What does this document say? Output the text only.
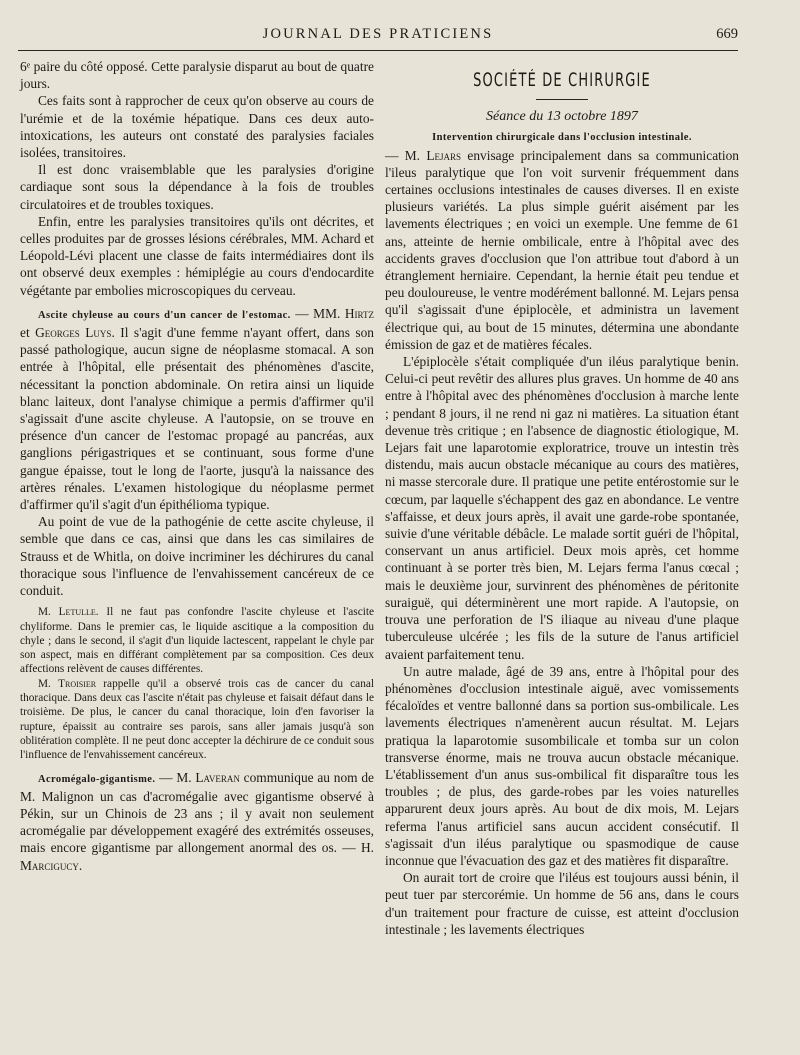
JOURNAL DES PRATICIENS	669

6ᵉ paire du côté opposé. Cette paralysie disparut au bout de quatre jours.

Ces faits sont à rapprocher de ceux qu'on observe au cours de l'urémie et de la toxémie hépatique. Dans ces deux auto-intoxications, les auteurs ont constaté des paralysies faciales isolées, transitoires.

Il est donc vraisemblable que les paralysies d'origine cardiaque sont sous la dépendance à la fois de troubles circulatoires et de troubles toxiques.

Enfin, entre les paralysies transitoires qu'ils ont décrites, et celles produites par de grosses lésions cérébrales, MM. Achard et Léopold-Lévi placent une classe de faits intermédiaires dont ils ont observé deux exemples : hémiplégie au cours d'endocardite végétante par embolies microscopiques du cerveau.

Ascite chyleuse au cours d'un cancer de l'estomac. — MM. Hirtz et Georges Luys. Il s'agit d'une femme n'ayant offert, dans son passé pathologique, aucun signe de néoplasme stomacal. A son entrée à l'hôpital, elle présentait des phénomènes d'ascite, nécessitant la ponction abdominale. On retira ainsi un liquide blanc laiteux, dont l'analyse chimique a permis d'affirmer qu'il s'agissait d'une ascite chyleuse. A l'autopsie, on se trouve en présence d'un cancer de l'estomac propagé au pancréas, aux ganglions périgastriques et se continuant, sous forme d'une gangue épaisse, tout le long de l'aorte, jusqu'à la naissance des artères rénales. L'examen histologique du néoplasme permet d'affirmer qu'il s'agit d'un épithélioma typique.

Au point de vue de la pathogénie de cette ascite chyleuse, il semble que dans ce cas, ainsi que dans les cas similaires de Strauss et de Whitla, on doive incriminer les déchirures du canal thoracique sous l'influence de l'envahissement cancéreux de ce conduit.

M. Letulle. Il ne faut pas confondre l'ascite chyleuse et l'ascite chyliforme. Dans le premier cas, le liquide ascitique a la composition du chyle ; dans le second, il s'agit d'un liquide lactescent, rappelant le chyle par son aspect, mais en différant complètement par sa composition. Ces deux affections relèvent de causes différentes.

M. Troisier rappelle qu'il a observé trois cas de cancer du canal thoracique. Dans deux cas l'ascite n'était pas chyleuse et faisait défaut dans le troisième. De plus, le cancer du canal thoracique, loin d'en favoriser la rupture, épaissit au contraire ses parois, sans aller jamais jusqu'à son oblitération complète. Il ne peut donc accepter la déchirure de ce conduit sous l'influence de l'envahissement cancéreux.

Acromégalo-gigantisme. — M. Laveran communique au nom de M. Malignon un cas d'acromégalie avec gigantisme observé à Pékin, sur un Chinois de 23 ans ; il y avait non seulement acromégalie par développement exagéré des extrémités osseuses, mais encore gigantisme par allongement anormal des os. — H. Marcigucy.

SOCIÉTÉ DE CHIRURGIE

Séance du 13 octobre 1897

Intervention chirurgicale dans l'occlusion intestinale.

— M. Lejars envisage principalement dans sa communication l'ileus paralytique que l'on voit survenir fréquemment dans certaines occlusions intestinales de causes diverses. Il en existe plusieurs variétés. La plus simple guérit aisément par les lavements électriques ; en voici un exemple. Une femme de 61 ans, atteinte de hernie ombilicale, entre à l'hôpital avec des accidents graves d'occlusion que l'on attribue tout d'abord à un étranglement herniaire. Cependant, la hernie était peu tendue et peu douloureuse, le ventre modérément ballonné. M. Lejars pensa qu'il s'agissait d'une épiplocèle, et administra un lavement électrique qui, au bout de 15 minutes, détermina une abondante émission de gaz et de matières fécales.

L'épiplocèle s'était compliquée d'un iléus paralytique benin. Celui-ci peut revêtir des allures plus graves. Un homme de 40 ans entre à l'hôpital avec des phénomènes d'occlusion à marche lente ; pendant 8 jours, il ne rend ni gaz ni matières. La situation étant devenue très critique ; en l'absence de diagnostic étiologique, M. Lejars fait une laparotomie exploratrice, trouve un intestin très distendu, mais aucun obstacle mécanique au cours des matières, ni masse stercorale dure. Il pratique une petite entérostomie sur le cœcum, par laquelle s'échappent des gaz en abondance. Le ventre s'affaisse, et deux jours après, il avait une garde-robe spontanée, suivie d'une véritable débâcle. Le malade sortit guéri de l'hôpital, conservant un anus artificiel. Deux mois après, cet homme continuant à se porter très bien, M. Lejars ferma l'anus cœcal ; mais le deuxième jour, survinrent des phénomènes de péritonite suraiguë, qui déterminèrent une mort rapide. A l'autopsie, on trouva une perforation de l'S iliaque au niveau d'une plaque tuberculeuse ulcérée ; les fils de la suture de l'anus artificiel avaient parfaitement tenu.

Un autre malade, âgé de 39 ans, entre à l'hôpital pour des phénomènes d'occlusion intestinale aiguë, avec vomissements fécaloïdes et ventre ballonné dans sa portion sus-ombilicale. Les lavements électriques n'amenèrent aucun résultat. M. Lejars pratiqua la laparotomie susombilicale et tomba sur un colon transverse énorme, mais ne trouva aucun obstacle mécanique. L'établissement d'un anus sus-ombilical fit disparaître tous les troubles ; de plus, des garde-robes par les voies naturelles apparurent deux jours après. Au bout de dix mois, M. Lejars referma l'anus artificiel sans aucun accident consécutif. Il s'agissait d'un iléus paralytique ou spasmodique de cause inconnue que l'évacuation des gaz et des matières fit disparaître.

On aurait tort de croire que l'iléus est toujours aussi bénin, il peut tuer par stercorémie. Un homme de 56 ans, dans le cours d'un traitement pour fracture de cuisse, est atteint d'occlusion intestinale ; les lavements électriques
